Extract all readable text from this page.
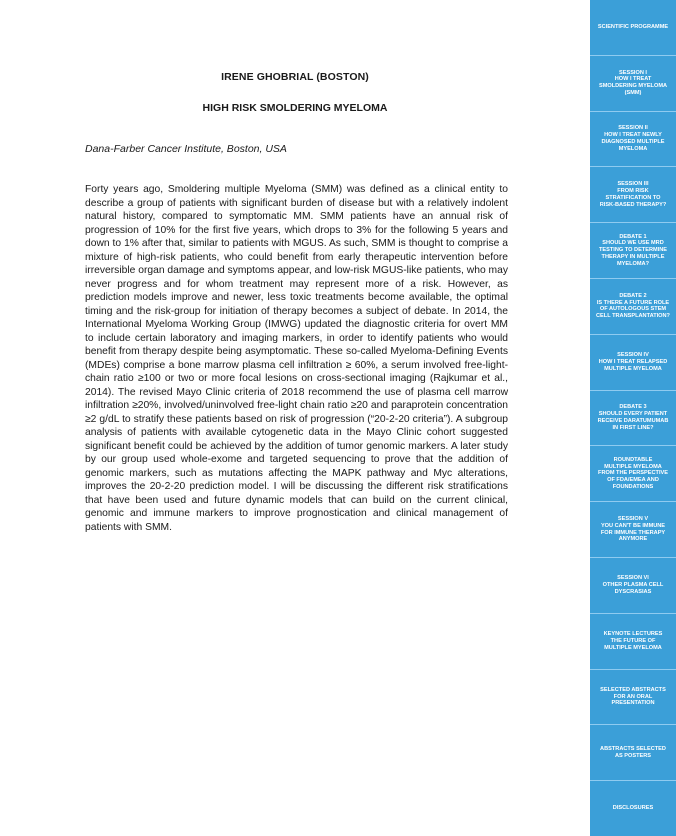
IRENE GHOBRIAL (BOSTON)
HIGH RISK SMOLDERING MYELOMA
Dana-Farber Cancer Institute, Boston, USA

Forty years ago, Smoldering multiple Myeloma (SMM) was defined as a clinical entity to describe a group of patients with significant burden of disease but with a relatively indolent natural history, compared to symptomatic MM. SMM patients have an annual risk of progression of 10% for the first five years, which drops to 3% for the following 5 years and down to 1% after that, similar to patients with MGUS. As such, SMM is thought to comprise a mixture of high-risk patients, who could benefit from early therapeutic intervention before irreversible organ damage and symptoms appear, and low-risk MGUS-like patients, who may never progress and for whom treatment may represent more of a risk. However, as prediction models improve and newer, less toxic treatments become available, the optimal timing and the risk-group for initiation of therapy becomes a subject of debate. In 2014, the International Myeloma Working Group (IMWG) updated the diagnostic criteria for overt MM to include certain laboratory and imaging markers, in order to identify patients who would benefit from therapy despite being asymptomatic. These so-called Myeloma-Defining Events (MDEs) comprise a bone marrow plasma cell infiltration ≥ 60%, a serum involved free-light-chain ratio ≥100 or two or more focal lesions on cross-sectional imaging (Rajkumar et al., 2014). The revised Mayo Clinic criteria of 2018 recommend the use of plasma cell marrow infiltration ≥20%, involved/uninvolved free-light chain ratio ≥20 and paraprotein concentration ≥2 g/dL to stratify these patients based on risk of progression (“20-2-20 criteria”). A subgroup analysis of patients with available cytogenetic data in the Mayo Clinic cohort suggested significant benefit could be achieved by the addition of tumor genomic markers. A later study by our group used whole-exome and targeted sequencing to prove that the addition of genomic markers, such as mutations affecting the MAPK pathway and Myc alterations, improves the 20-2-20 prediction model. I will be discussing the different risk stratifications that have been used and future dynamic models that can build on the current clinical, genomic and immune markers to improve prognostication and clinical management of patients with SMM.

SCIENTIFIC PROGRAMME
SESSION I
HOW I TREAT
SMOLDERING MYELOMA
(SMM)
SESSION II
HOW I TREAT NEWLY
DIAGNOSED MULTIPLE
MYELOMA
SESSION III
FROM RISK
STRATIFICATION TO
RISK-BASED THERAPY?
DEBATE 1
SHOULD WE USE MRD
TESTING TO DETERMINE
THERAPY IN MULTIPLE
MYELOMA?
DEBATE 2
IS THERE A FUTURE ROLE
OF AUTOLOGOUS STEM
CELL TRANSPLANTATION?
SESSION IV
HOW I TREAT RELAPSED
MULTIPLE MYELOMA
DEBATE 3
SHOULD EVERY PATIENT
RECEIVE DARATUMUMAB
IN FIRST LINE?
ROUNDTABLE
MULTIPLE MYELOMA
FROM THE PERSPECTIVE
OF FDA/EMEA AND
FOUNDATIONS
SESSION V
YOU CAN'T BE IMMUNE
FOR IMMUNE THERAPY
ANYMORE
SESSION VI
OTHER PLASMA CELL
DYSCRASIAS
KEYNOTE LECTURES
THE FUTURE OF
MULTIPLE MYELOMA
SELECTED ABSTRACTS
FOR AN ORAL
PRESENTATION
ABSTRACTS SELECTED
AS POSTERS
DISCLOSURES
